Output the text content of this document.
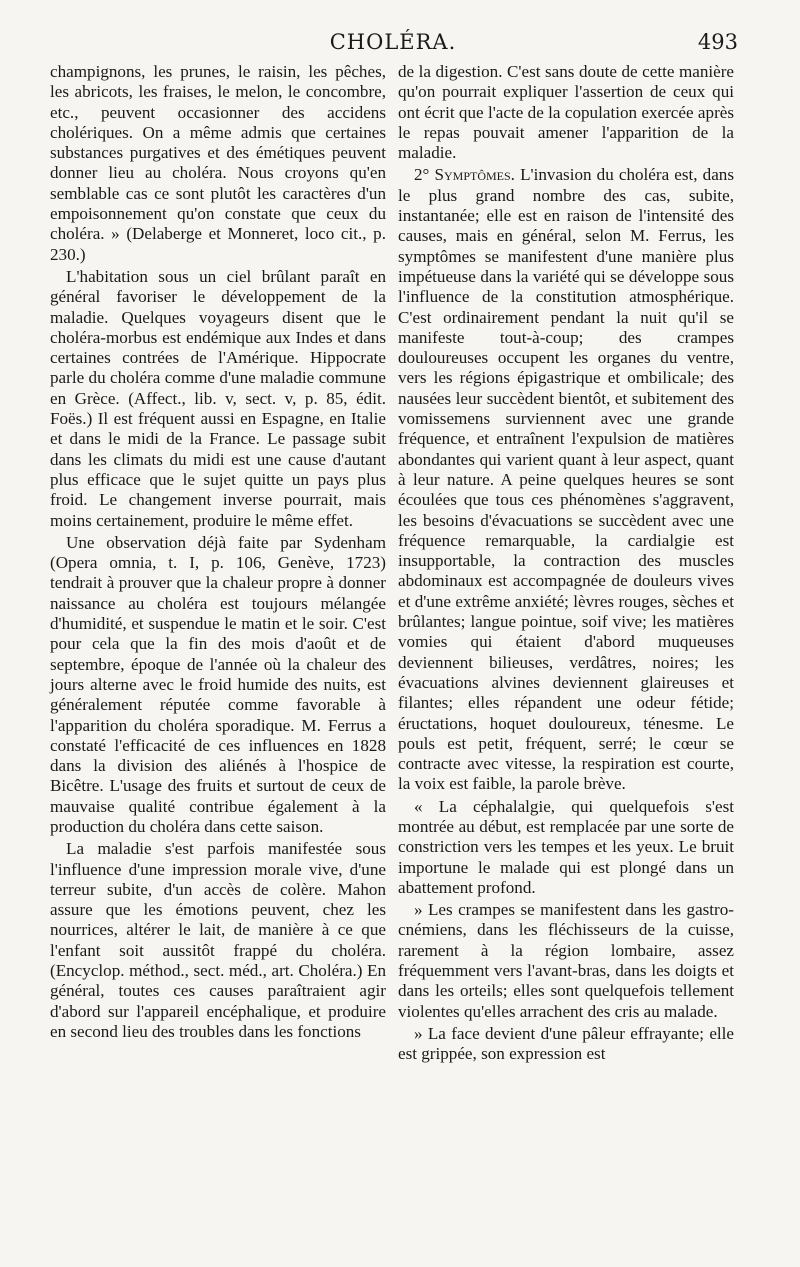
CHOLÉRA.	493

champignons, les prunes, le raisin, les pêches, les abricots, les fraises, le melon, le concombre, etc., peuvent occasionner des accidens cholériques. On a même admis que certaines substances purgatives et des émétiques peuvent donner lieu au choléra. Nous croyons qu'en semblable cas ce sont plutôt les caractères d'un empoisonnement qu'on constate que ceux du choléra. » (Delaberge et Monneret, loco cit., p. 230.)

L'habitation sous un ciel brûlant paraît en général favoriser le développement de la maladie. Quelques voyageurs disent que le choléra-morbus est endémique aux Indes et dans certaines contrées de l'Amérique. Hippocrate parle du choléra comme d'une maladie commune en Grèce. (Affect., lib. v, sect. v, p. 85, édit. Foës.) Il est fréquent aussi en Espagne, en Italie et dans le midi de la France. Le passage subit dans les climats du midi est une cause d'autant plus efficace que le sujet quitte un pays plus froid. Le changement inverse pourrait, mais moins certainement, produire le même effet.

Une observation déjà faite par Sydenham (Opera omnia, t. I, p. 106, Genève, 1723) tendrait à prouver que la chaleur propre à donner naissance au choléra est toujours mélangée d'humidité, et suspendue le matin et le soir. C'est pour cela que la fin des mois d'août et de septembre, époque de l'année où la chaleur des jours alterne avec le froid humide des nuits, est généralement réputée comme favorable à l'apparition du choléra sporadique. M. Ferrus a constaté l'efficacité de ces influences en 1828 dans la division des aliénés à l'hospice de Bicêtre. L'usage des fruits et surtout de ceux de mauvaise qualité contribue également à la production du choléra dans cette saison.

La maladie s'est parfois manifestée sous l'influence d'une impression morale vive, d'une terreur subite, d'un accès de colère. Mahon assure que les émotions peuvent, chez les nourrices, altérer le lait, de manière à ce que l'enfant soit aussitôt frappé du choléra. (Encyclop. méthod., sect. méd., art. Choléra.) En général, toutes ces causes paraîtraient agir d'abord sur l'appareil encéphalique, et produire en second lieu des troubles dans les fonctions

de la digestion. C'est sans doute de cette manière qu'on pourrait expliquer l'assertion de ceux qui ont écrit que l'acte de la copulation exercée après le repas pouvait amener l'apparition de la maladie.

2° Symptômes. L'invasion du choléra est, dans le plus grand nombre des cas, subite, instantanée; elle est en raison de l'intensité des causes, mais en général, selon M. Ferrus, les symptômes se manifestent d'une manière plus impétueuse dans la variété qui se développe sous l'influence de la constitution atmosphérique. C'est ordinairement pendant la nuit qu'il se manifeste tout-à-coup; des crampes douloureuses occupent les organes du ventre, vers les régions épigastrique et ombilicale; des nausées leur succèdent bientôt, et subitement des vomissemens surviennent avec une grande fréquence, et entraînent l'expulsion de matières abondantes qui varient quant à leur aspect, quant à leur nature. A peine quelques heures se sont écoulées que tous ces phénomènes s'aggravent, les besoins d'évacuations se succèdent avec une fréquence remarquable, la cardialgie est insupportable, la contraction des muscles abdominaux est accompagnée de douleurs vives et d'une extrême anxiété; lèvres rouges, sèches et brûlantes; langue pointue, soif vive; les matières vomies qui étaient d'abord muqueuses deviennent bilieuses, verdâtres, noires; les évacuations alvines deviennent glaireuses et filantes; elles répandent une odeur fétide; éructations, hoquet douloureux, ténesme. Le pouls est petit, fréquent, serré; le cœur se contracte avec vitesse, la respiration est courte, la voix est faible, la parole brève.

« La céphalalgie, qui quelquefois s'est montrée au début, est remplacée par une sorte de constriction vers les tempes et les yeux. Le bruit importune le malade qui est plongé dans un abattement profond.

» Les crampes se manifestent dans les gastro-cnémiens, dans les fléchisseurs de la cuisse, rarement à la région lombaire, assez fréquemment vers l'avant-bras, dans les doigts et dans les orteils; elles sont quelquefois tellement violentes qu'elles arrachent des cris au malade.

» La face devient d'une pâleur effrayante; elle est grippée, son expression est
